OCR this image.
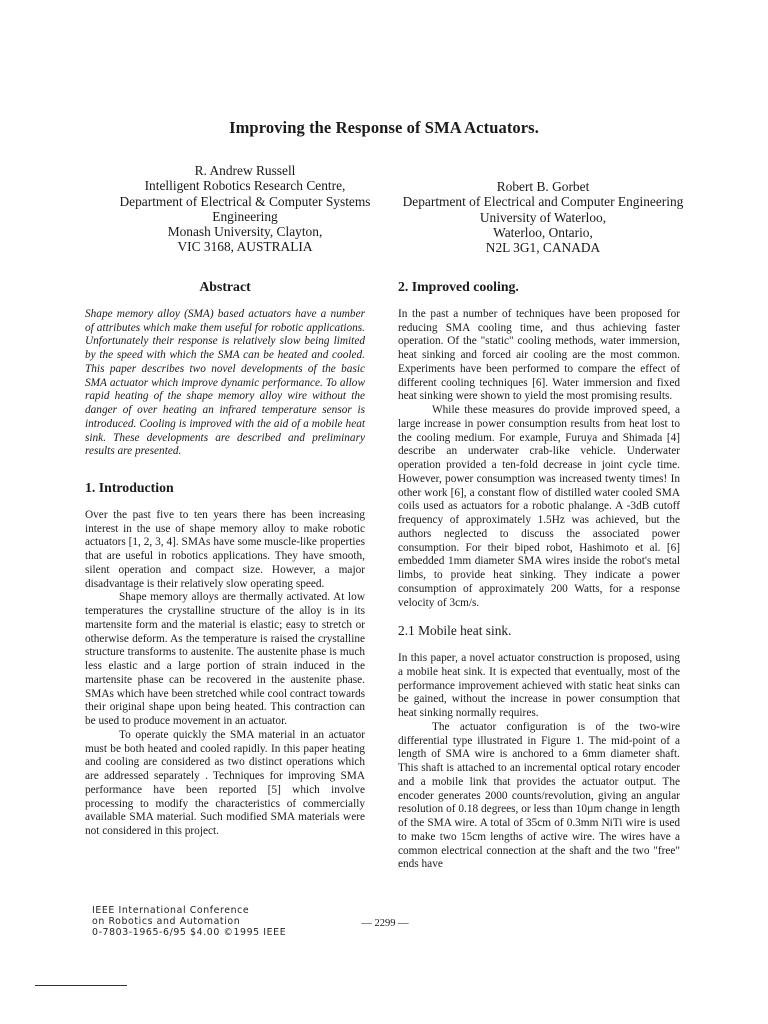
Improving the Response of SMA Actuators.
R. Andrew Russell
Intelligent Robotics Research Centre,
Department of Electrical & Computer Systems
Engineering
Monash University, Clayton,
VIC 3168, AUSTRALIA
Robert B. Gorbet
Department of Electrical and Computer Engineering
University of Waterloo,
Waterloo, Ontario,
N2L 3G1, CANADA
Abstract

Shape memory alloy (SMA) based actuators have a number of attributes which make them useful for robotic applications. Unfortunately their response is relatively slow being limited by the speed with which the SMA can be heated and cooled. This paper describes two novel developments of the basic SMA actuator which improve dynamic performance. To allow rapid heating of the shape memory alloy wire without the danger of over heating an infrared temperature sensor is introduced. Cooling is improved with the aid of a mobile heat sink. These developments are described and preliminary results are presented.

1. Introduction

Over the past five to ten years there has been increasing interest in the use of shape memory alloy to make robotic actuators [1, 2, 3, 4]. SMAs have some muscle-like properties that are useful in robotics applications. They have smooth, silent operation and compact size. However, a major disadvantage is their relatively slow operating speed.

Shape memory alloys are thermally activated. At low temperatures the crystalline structure of the alloy is in its martensite form and the material is elastic; easy to stretch or otherwise deform. As the temperature is raised the crystalline structure transforms to austenite. The austenite phase is much less elastic and a large portion of strain induced in the martensite phase can be recovered in the austenite phase. SMAs which have been stretched while cool contract towards their original shape upon being heated. This contraction can be used to produce movement in an actuator.

To operate quickly the SMA material in an actuator must be both heated and cooled rapidly. In this paper heating and cooling are considered as two distinct operations which are addressed separately . Techniques for improving SMA performance have been reported [5] which involve processing to modify the characteristics of commercially available SMA material. Such modified SMA materials were not considered in this project.

2. Improved cooling.

In the past a number of techniques have been proposed for reducing SMA cooling time, and thus achieving faster operation. Of the "static" cooling methods, water immersion, heat sinking and forced air cooling are the most common. Experiments have been performed to compare the effect of different cooling techniques [6]. Water immersion and fixed heat sinking were shown to yield the most promising results.

While these measures do provide improved speed, a large increase in power consumption results from heat lost to the cooling medium. For example, Furuya and Shimada [4] describe an underwater crab-like vehicle. Underwater operation provided a ten-fold decrease in joint cycle time. However, power consumption was increased twenty times! In other work [6], a constant flow of distilled water cooled SMA coils used as actuators for a robotic phalange. A -3dB cutoff frequency of approximately 1.5Hz was achieved, but the authors neglected to discuss the associated power consumption. For their biped robot, Hashimoto et al. [6] embedded 1mm diameter SMA wires inside the robot's metal limbs, to provide heat sinking. They indicate a power consumption of approximately 200 Watts, for a response velocity of 3cm/s.

2.1 Mobile heat sink.

In this paper, a novel actuator construction is proposed, using a mobile heat sink. It is expected that eventually, most of the performance improvement achieved with static heat sinks can be gained, without the increase in power consumption that heat sinking normally requires.

The actuator configuration is of the two-wire differential type illustrated in Figure 1. The mid-point of a length of SMA wire is anchored to a 6mm diameter shaft. This shaft is attached to an incremental optical rotary encoder and a mobile link that provides the actuator output. The encoder generates 2000 counts/revolution, giving an angular resolution of 0.18 degrees, or less than 10µm change in length of the SMA wire. A total of 35cm of 0.3mm NiTi wire is used to make two 15cm lengths of active wire. The wires have a common electrical connection at the shaft and the two "free" ends have

IEEE International Conference
on Robotics and Automation
0-7803-1965-6/95 $4.00 ©1995 IEEE
— 2299 —
